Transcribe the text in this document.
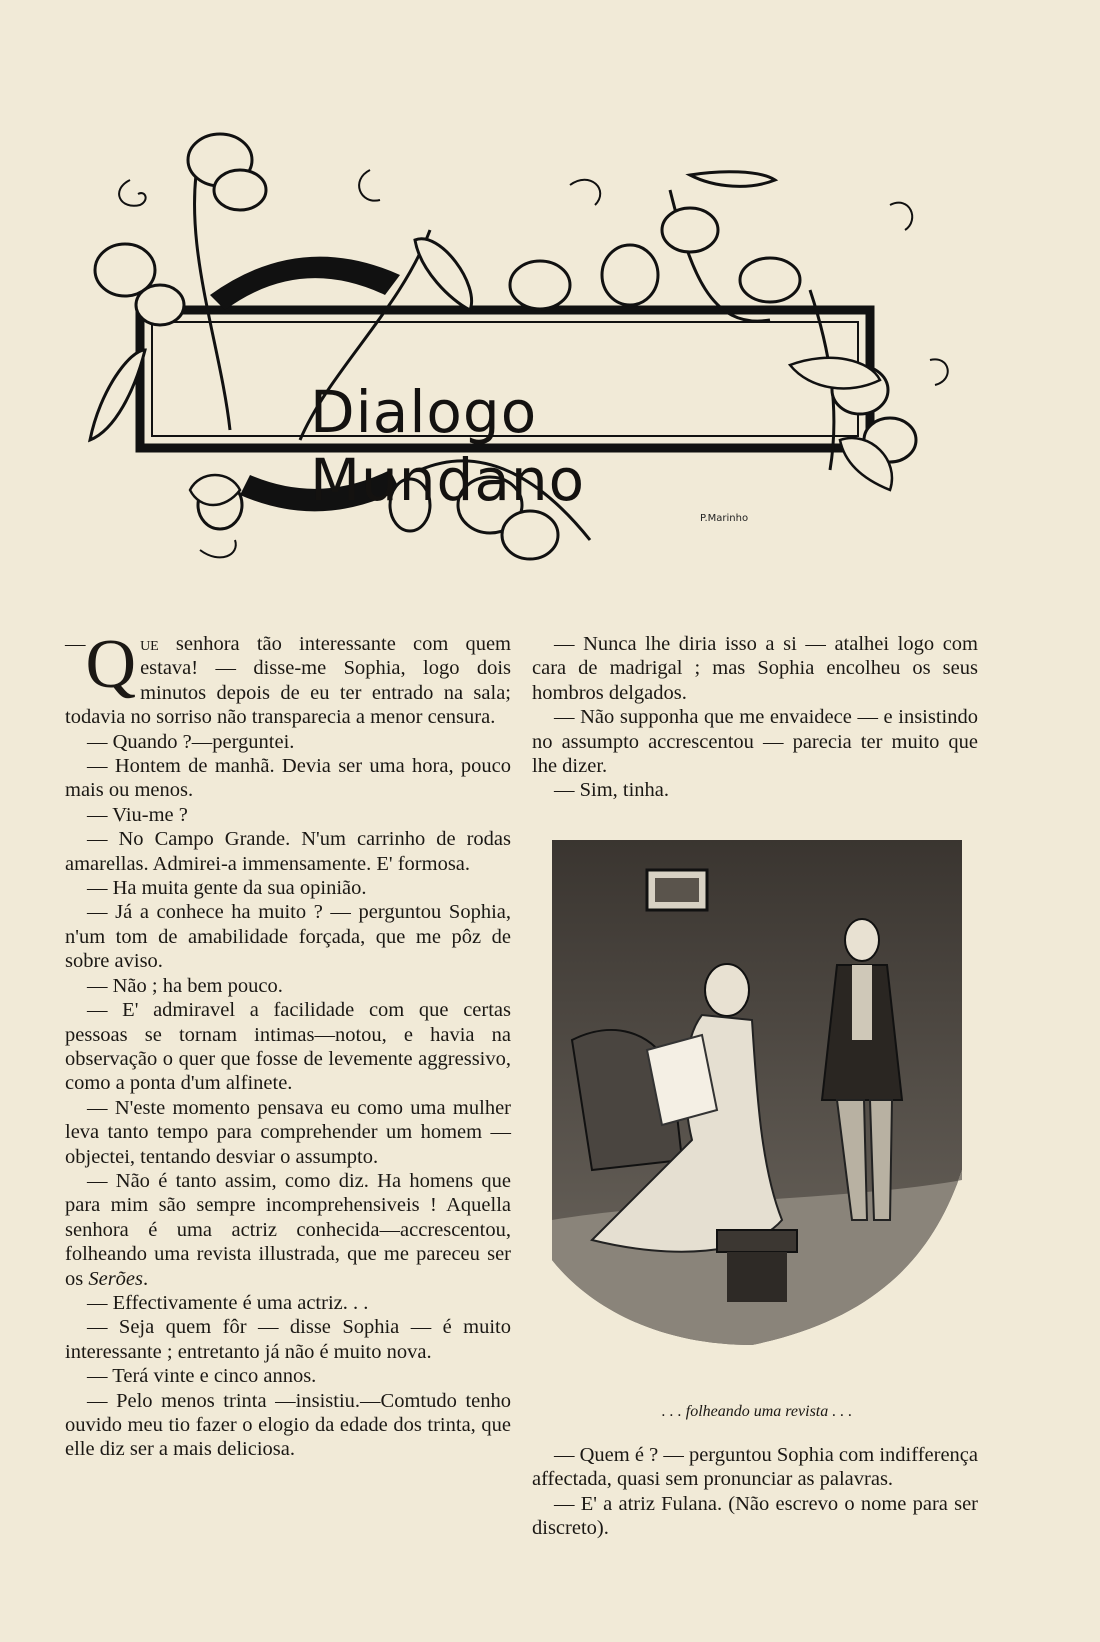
Dialogo Mundano
P.Marinho

— Q ue senhora tão interessante com quem estava! — disse-me Sophia, logo dois minutos depois de eu ter entrado na sala; todavia no sorriso não transparecia a menor censura.

— Quando ?—perguntei.

— Hontem de manhã. Devia ser uma hora, pouco mais ou menos.

— Viu-me ?

— No Campo Grande. N'um carrinho de rodas amarellas. Admirei-a immensamente. E' formosa.

— Ha muita gente da sua opinião.

— Já a conhece ha muito ? — perguntou Sophia, n'um tom de amabilidade forçada, que me pôz de sobre aviso.

— Não ; ha bem pouco.

— E' admiravel a facilidade com que certas pessoas se tornam intimas—notou, e havia na observação o quer que fosse de levemente aggressivo, como a ponta d'um alfinete.

— N'este momento pensava eu como uma mulher leva tanto tempo para comprehender um homem — objectei, tentando desviar o assumpto.

— Não é tanto assim, como diz. Ha homens que para mim são sempre incomprehensiveis ! Aquella senhora é uma actriz conhecida—accrescentou, folheando uma revista illustrada, que me pareceu ser os Serões.

— Effectivamente é uma actriz. . .

— Seja quem fôr — disse Sophia — é muito interessante ; entretanto já não é muito nova.

— Terá vinte e cinco annos.

— Pelo menos trinta —insistiu.—Comtudo tenho ouvido meu tio fazer o elogio da edade dos trinta, que elle diz ser a mais deliciosa.

— Nunca lhe diria isso a si — atalhei logo com cara de madrigal ; mas Sophia encolheu os seus hombros delgados.

— Não supponha que me envaidece — e insistindo no assumpto accrescentou — parecia ter muito que lhe dizer.

— Sim, tinha.

. . . folheando uma revista . . .

— Quem é ? — perguntou Sophia com indifferença affectada, quasi sem pronunciar as palavras.

— E' a atriz Fulana. (Não escrevo o nome para ser discreto).
